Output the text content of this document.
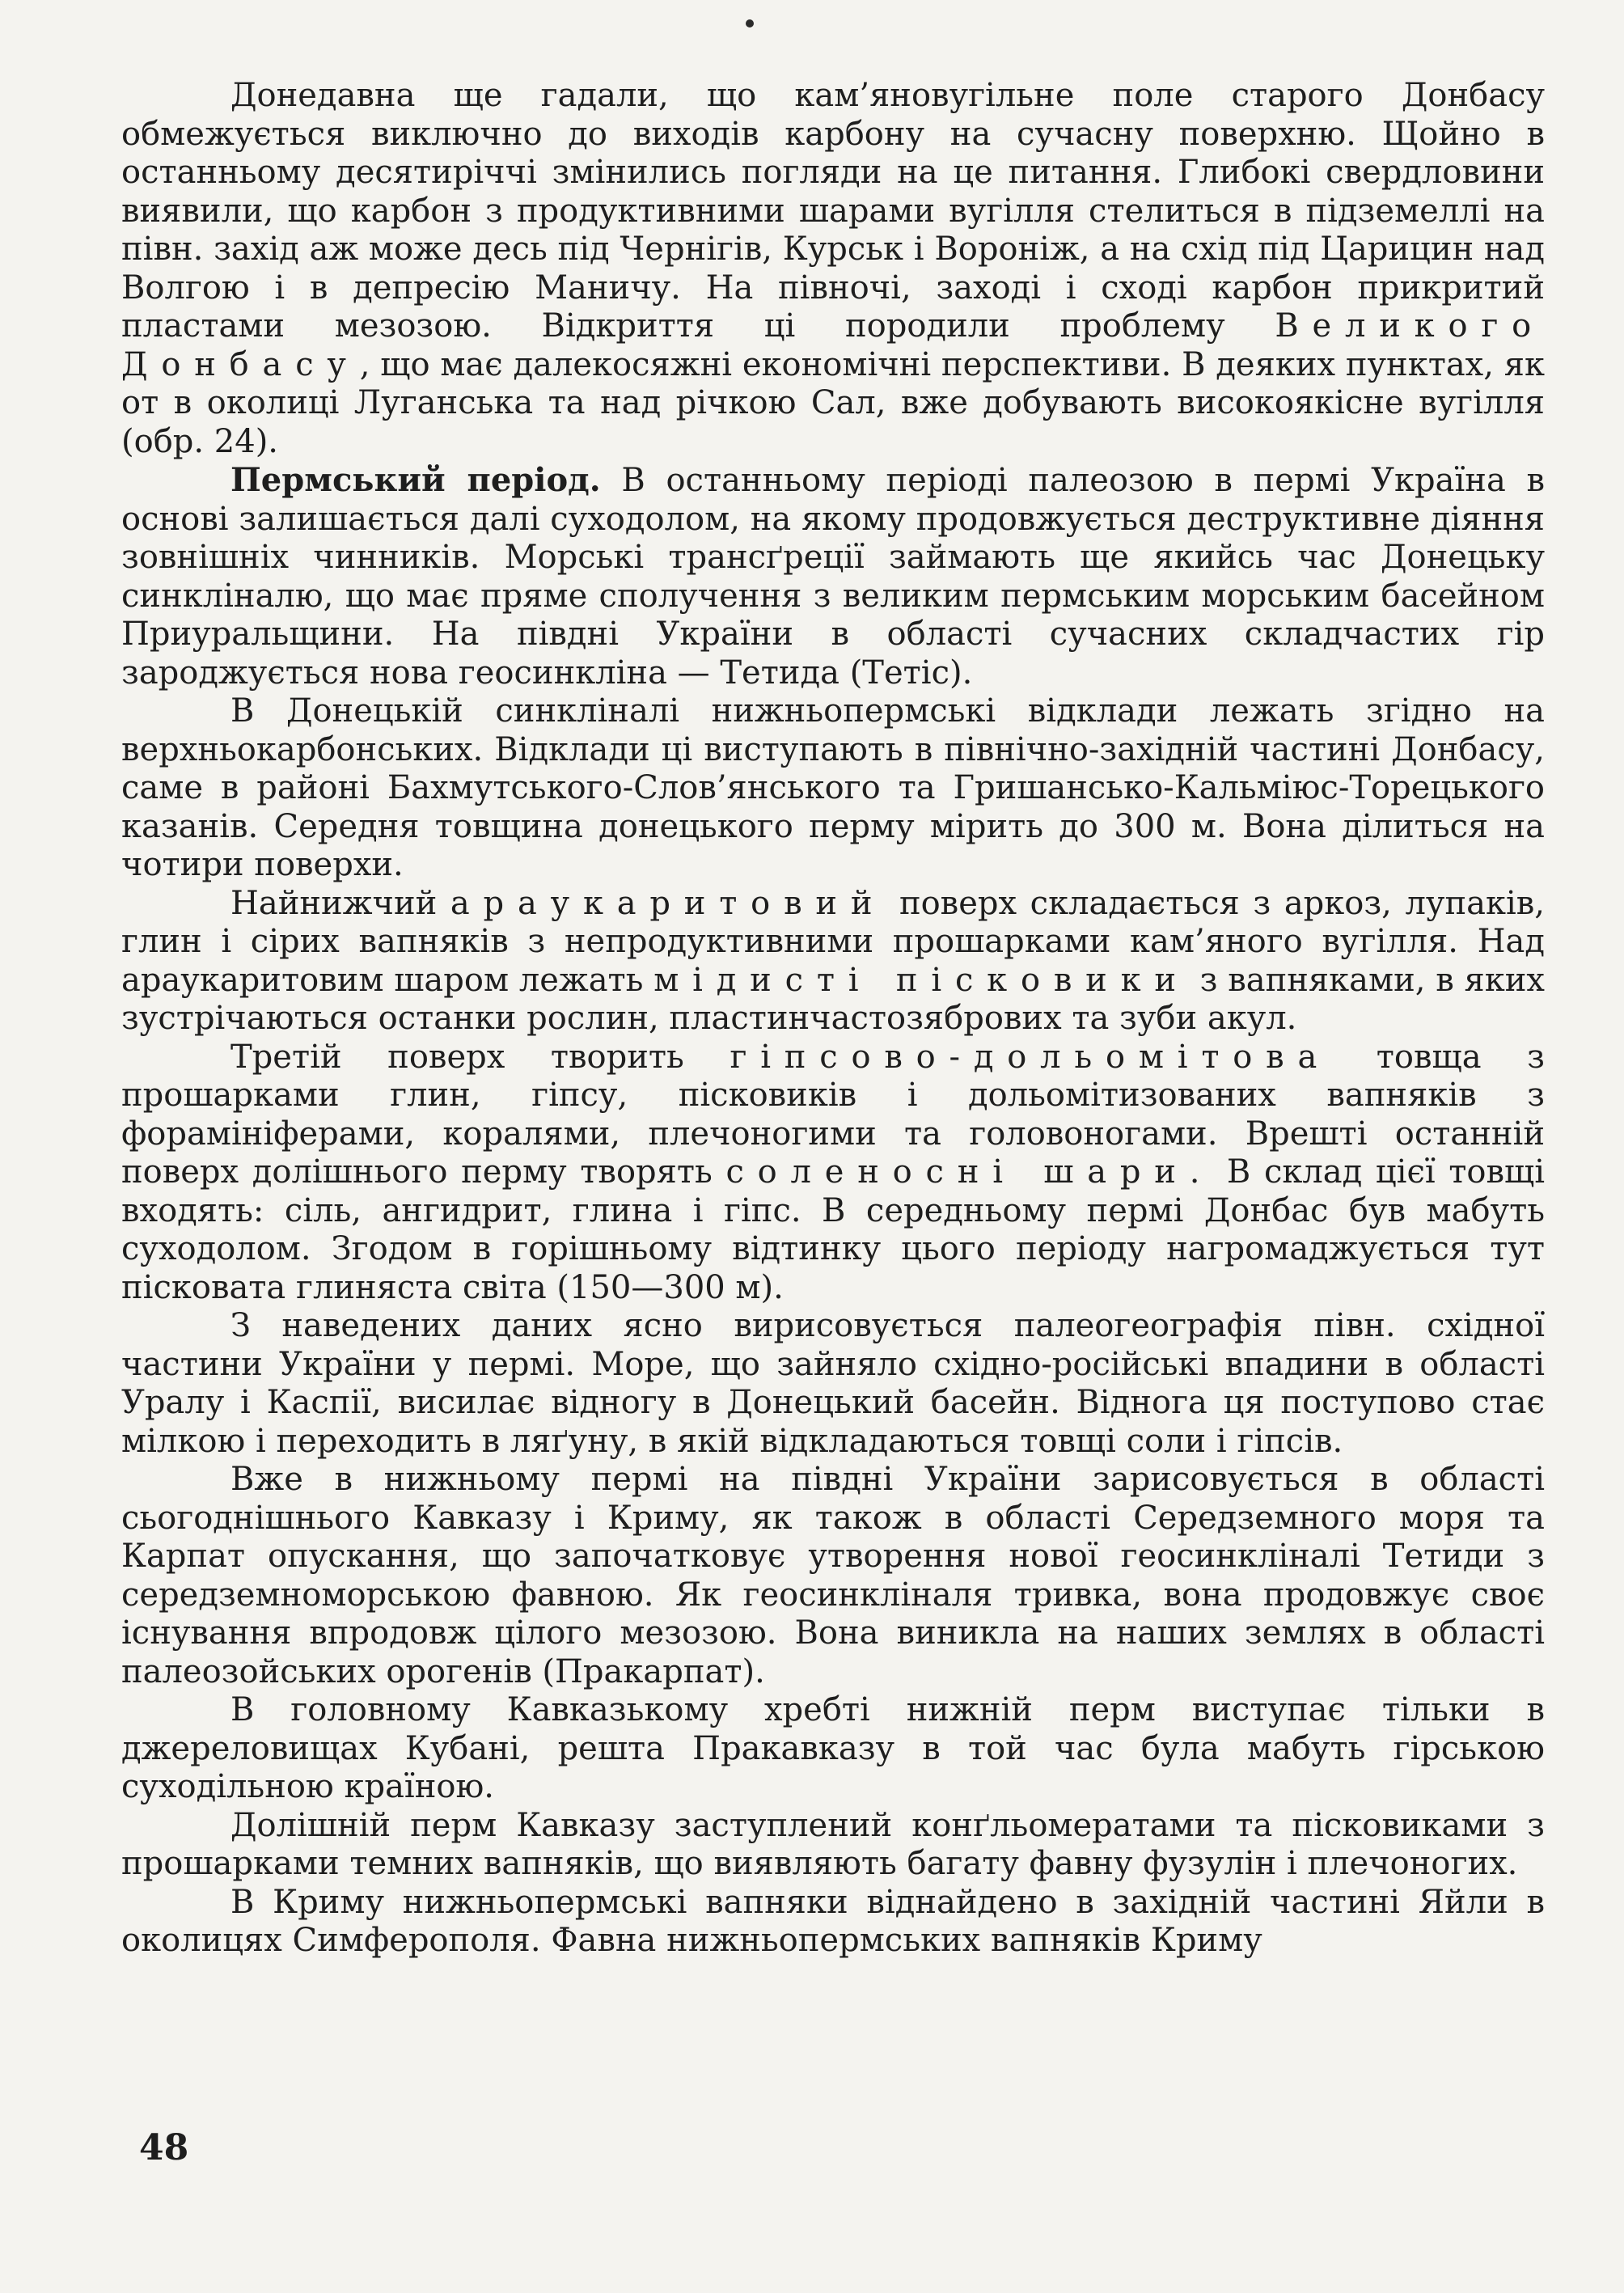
Донедавна ще гадали, що кам’яновугільне поле старого Донбасу обмежується виключно до виходів карбону на сучасну поверхню. Щойно в останньому десятиріччі змінились погляди на це питання. Глибокі свердловини виявили, що карбон з продуктивними шарами вугілля стелиться в підземеллі на півн. захід аж може десь під Чернігів, Курськ і Вороніж, а на схід під Царицин над Волгою і в депресію Маничу. На півночі, заході і сході карбон прикритий пластами мезозою. Відкриття ці породили проблему Великого Донбасу, що має далекосяжні економічні перспективи. В деяких пунктах, як от в околиці Луганська та над річкою Сал, вже добувають високоякісне вугілля (обр. 24).

Пермський період. В останньому періоді палеозою в пермі Україна в основі залишається далі суходолом, на якому продовжується деструктивне діяння зовнішніх чинників. Морські трансґреції займають ще якийсь час Донецьку синкліналю, що має пряме сполучення з великим пермським морським басейном Приуральщини. На півдні України в області сучасних складчастих гір зароджується нова геосинкліна — Тетида (Тетіс).

В Донецькій синклінaлі нижньопермські відклади лежать згідно на верхньокарбонських. Відклади ці виступають в північно-західній частині Донбасу, саме в районі Бахмутського-Слов’янського та Гришансько-Кальміюс-Торецького казанів. Середня товщина донецького перму мірить до 300 м. Вона ділиться на чотири поверхи.

Найнижчий араукаритовий поверх складається з аркоз, лупаків, глин і сірих вапняків з непродуктивними прошарками кам’яного вугілля. Над араукаритовим шаром лежать мідисті пісковики з вапняками, в яких зустрічаються останки рослин, пластинчастозябрових та зуби акул.

Третій поверх творить гіпсово-дольомітова товща з прошарками глин, гіпсу, пісковиків і дольомітизованих вапняків з форамініферами, коралями, плечоногими та головоногами. Врешті останній поверх долішнього перму творять соленосні шари. В склад цієї товщі входять: сіль, ангидрит, глина і гіпс. В середньому пермі Донбас був мабуть суходолом. Згодом в горішньому відтинку цього періоду нагромаджується тут пісковата глиняста світа (150—300 м).

З наведених даних ясно вирисовується палеогеографія півн. східної частини України у пермі. Море, що зайняло східно-російські впадини в області Уралу і Каспії, висилає відногу в Донецький басейн. Віднога ця поступово стає мілкою і переходить в ляґуну, в якій відкладаються товщі соли і гіпсів.

Вже в нижньому пермі на півдні України зарисовується в області сьогоднішнього Кавказу і Криму, як також в області Середземного моря та Карпат опускання, що започатковує утворення нової геосинкліналі Тетиди з середземноморською фавною. Як геосинкліналя тривка, вона продовжує своє існування впродовж цілого мезозою. Вона виникла на наших землях в області палеозойських орогенів (Пракарпат).

В головному Кавказькому хребті нижній перм виступає тільки в джереловищах Кубані, решта Пракавказу в той час була мабуть гірською суходільною країною.

Долішній перм Кавказу заступлений конґльомератами та пісковиками з прошарками темних вапняків, що виявляють багату фавну фузулін і плечоногих.

В Криму нижньопермські вапняки віднайдено в західній частині Яйли в околицях Симферополя. Фавна нижньопермських вапняків Криму

48
